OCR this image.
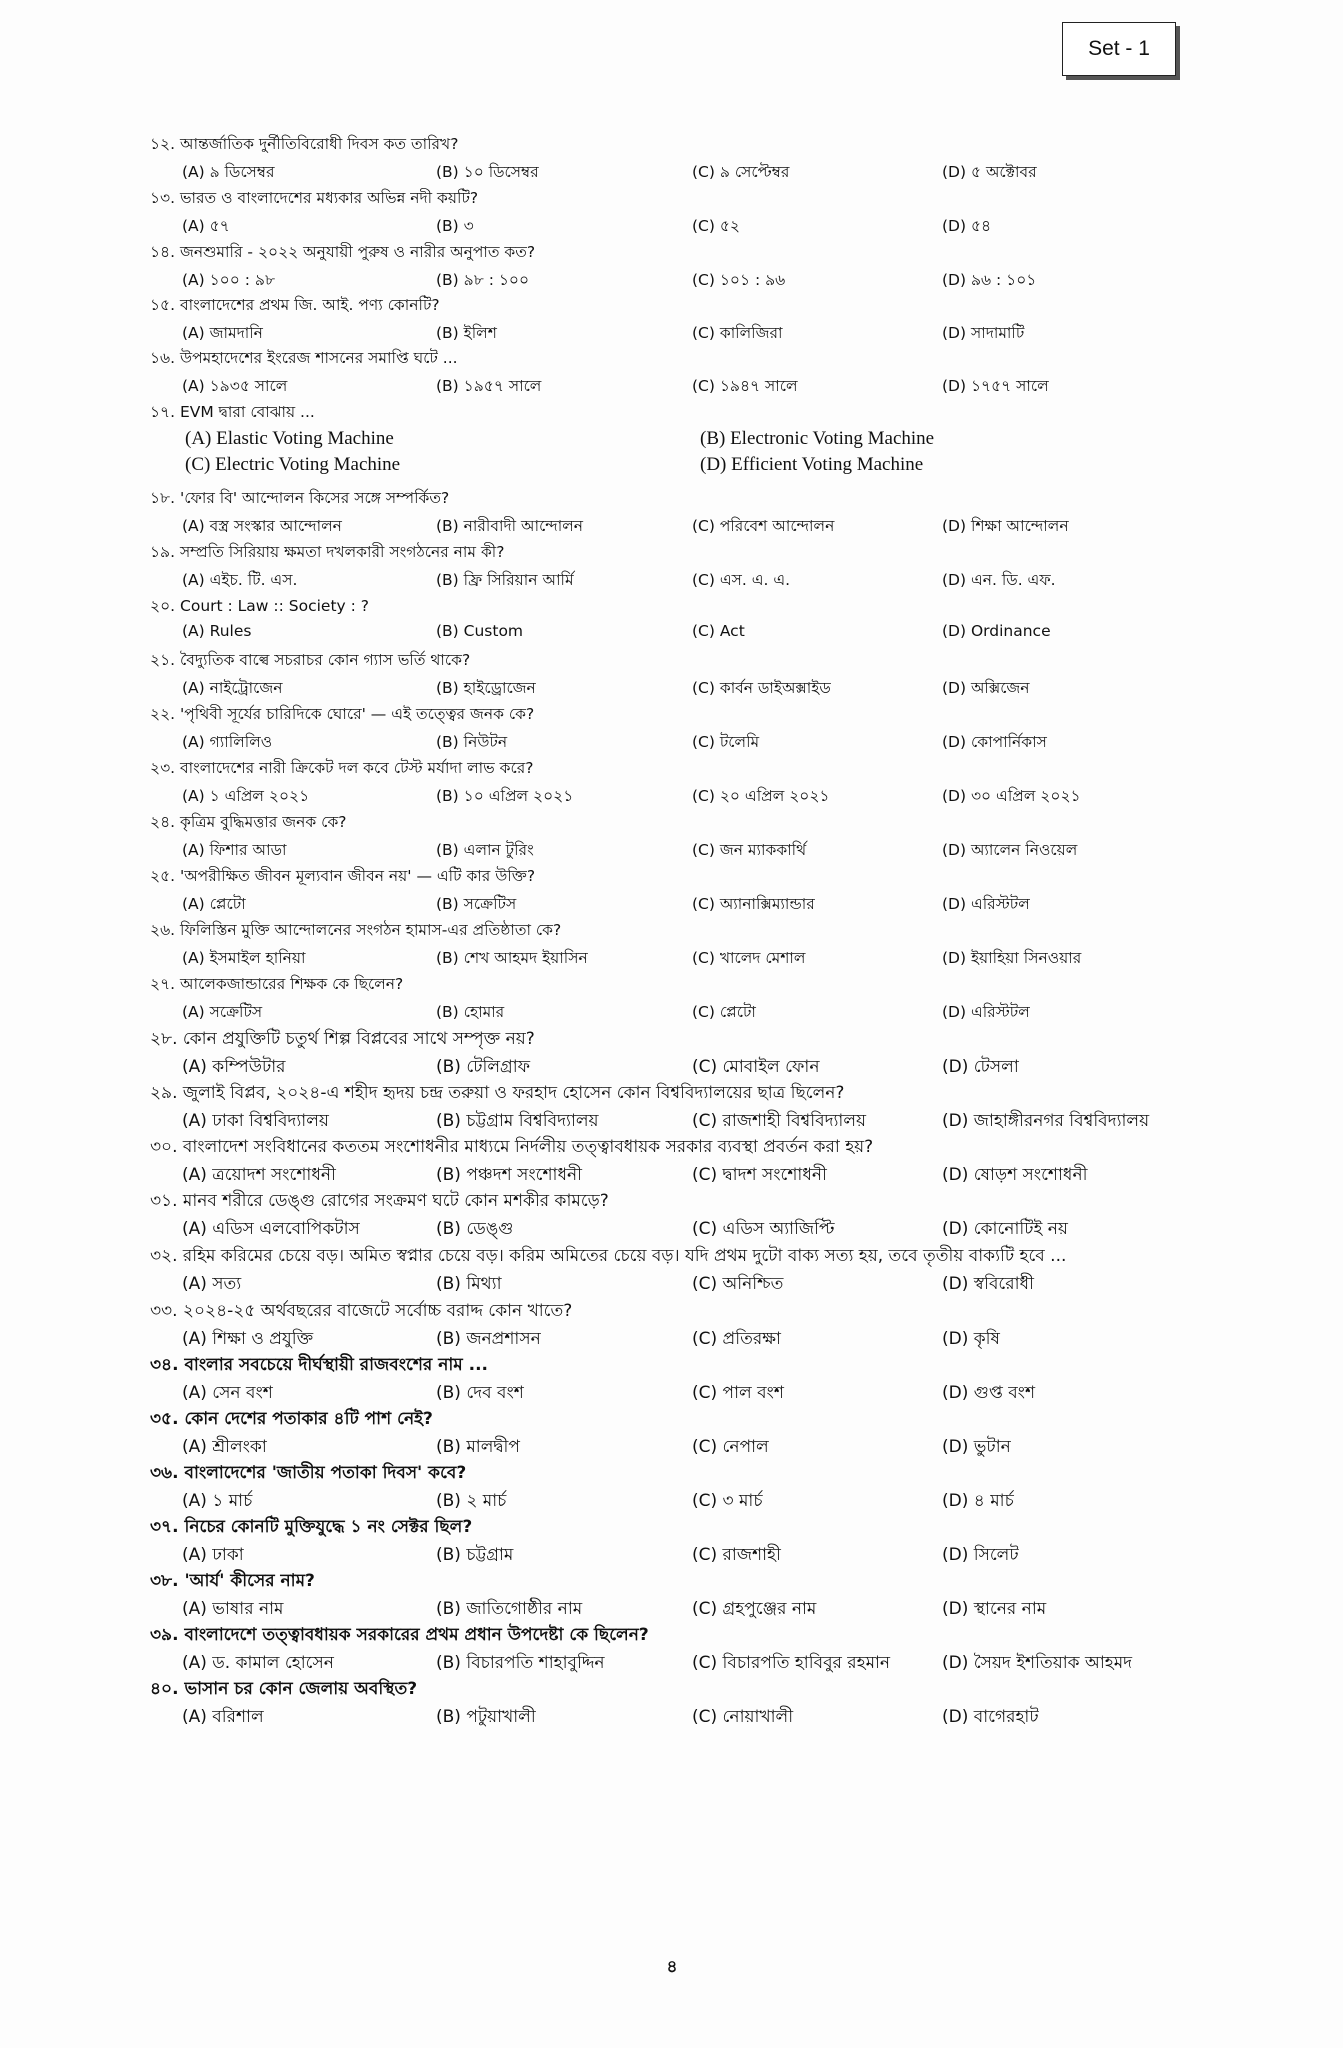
Set - 1
১২. আন্তর্জাতিক দুর্নীতিবিরোধী দিবস কত তারিখ?
(A) ৯ ডিসেম্বর	(B) ১০ ডিসেম্বর	(C) ৯ সেপ্টেম্বর	(D) ৫ অক্টোবর
১৩. ভারত ও বাংলাদেশের মধ্যকার অভিন্ন নদী কয়টি?
(A) ৫৭	(B) ৩	(C) ৫২	(D) ৫৪
১৪. জনশুমারি - ২০২২ অনুযায়ী পুরুষ ও নারীর অনুপাত কত?
(A) ১০০ : ৯৮	(B) ৯৮ : ১০০	(C) ১০১ : ৯৬	(D) ৯৬ : ১০১
১৫. বাংলাদেশের প্রথম জি. আই. পণ্য কোনটি?
(A) জামদানি	(B) ইলিশ	(C) কালিজিরা	(D) সাদামাটি
১৬. উপমহাদেশের ইংরেজ শাসনের সমাপ্তি ঘটে ...
(A) ১৯৩৫ সালে	(B) ১৯৫৭ সালে	(C) ১৯৪৭ সালে	(D) ১৭৫৭ সালে
১৭. EVM দ্বারা বোঝায় ...
(A) Elastic Voting Machine	(B) Electronic Voting Machine
(C) Electric Voting Machine	(D) Efficient Voting Machine
১৮. 'ফোর বি' আন্দোলন কিসের সঙ্গে সম্পর্কিত?
(A) বস্ত্র সংস্কার আন্দোলন	(B) নারীবাদী আন্দোলন	(C) পরিবেশ আন্দোলন	(D) শিক্ষা আন্দোলন
১৯. সম্প্রতি সিরিয়ায় ক্ষমতা দখলকারী সংগঠনের নাম কী?
(A) এইচ. টি. এস.	(B) ফ্রি সিরিয়ান আর্মি	(C) এস. এ. এ.	(D) এন. ডি. এফ.
২০. Court : Law :: Society : ?
(A) Rules	(B) Custom	(C) Act	(D) Ordinance
২১. বৈদ্যুতিক বাল্বে সচরাচর কোন গ্যাস ভর্তি থাকে?
(A) নাইট্রোজেন	(B) হাইড্রোজেন	(C) কার্বন ডাইঅক্সাইড	(D) অক্সিজেন
২২. 'পৃথিবী সূর্যের চারিদিকে ঘোরে' — এই তত্ত্বের জনক কে?
(A) গ্যালিলিও	(B) নিউটন	(C) টলেমি	(D) কোপার্নিকাস
২৩. বাংলাদেশের নারী ক্রিকেট দল কবে টেস্ট মর্যাদা লাভ করে?
(A) ১ এপ্রিল ২০২১	(B) ১০ এপ্রিল ২০২১	(C) ২০ এপ্রিল ২০২১	(D) ৩০ এপ্রিল ২০২১
২৪. কৃত্রিম বুদ্ধিমত্তার জনক কে?
(A) ফিশার আডা	(B) এলান টুরিং	(C) জন ম্যাককার্থি	(D) অ্যালেন নিওয়েল
২৫. 'অপরীক্ষিত জীবন মূল্যবান জীবন নয়' — এটি কার উক্তি?
(A) প্লেটো	(B) সক্রেটিস	(C) অ্যানাক্সিম্যান্ডার	(D) এরিস্টটল
২৬. ফিলিস্তিন মুক্তি আন্দোলনের সংগঠন হামাস-এর প্রতিষ্ঠাতা কে?
(A) ইসমাইল হানিয়া	(B) শেখ আহমদ ইয়াসিন	(C) খালেদ মেশাল	(D) ইয়াহিয়া সিনওয়ার
২৭. আলেকজান্ডারের শিক্ষক কে ছিলেন?
(A) সক্রেটিস	(B) হোমার	(C) প্লেটো	(D) এরিস্টটল
২৮. কোন প্রযুক্তিটি চতুর্থ শিল্প বিপ্লবের সাথে সম্পৃক্ত নয়?
(A) কম্পিউটার	(B) টেলিগ্রাফ	(C) মোবাইল ফোন	(D) টেসলা
২৯. জুলাই বিপ্লব, ২০২৪-এ শহীদ হৃদয় চন্দ্র তরুয়া ও ফরহাদ হোসেন কোন বিশ্ববিদ্যালয়ের ছাত্র ছিলেন?
(A) ঢাকা বিশ্ববিদ্যালয়	(B) চট্টগ্রাম বিশ্ববিদ্যালয়	(C) রাজশাহী বিশ্ববিদ্যালয়	(D) জাহাঙ্গীরনগর বিশ্ববিদ্যালয়
৩০. বাংলাদেশ সংবিধানের কততম সংশোধনীর মাধ্যমে নির্দলীয় তত্ত্বাবধায়ক সরকার ব্যবস্থা প্রবর্তন করা হয়?
(A) ত্রয়োদশ সংশোধনী	(B) পঞ্চদশ সংশোধনী	(C) দ্বাদশ সংশোধনী	(D) ষোড়শ সংশোধনী
৩১. মানব শরীরে ডেঙ্গু রোগের সংক্রমণ ঘটে কোন মশকীর কামড়ে?
(A) এডিস এলবোপিকটাস	(B) ডেঙ্গু	(C) এডিস অ্যাজিপ্টি	(D) কোনোটিই নয়
৩২. রহিম করিমের চেয়ে বড়। অমিত স্বপ্নার চেয়ে বড়। করিম অমিতের চেয়ে বড়। যদি প্রথম দুটো বাক্য সত্য হয়, তবে তৃতীয় বাক্যটি হবে ...
(A) সত্য	(B) মিথ্যা	(C) অনিশ্চিত	(D) স্ববিরোধী
৩৩. ২০২৪-২৫ অর্থবছরের বাজেটে সর্বোচ্চ বরাদ্দ কোন খাতে?
(A) শিক্ষা ও প্রযুক্তি	(B) জনপ্রশাসন	(C) প্রতিরক্ষা	(D) কৃষি
৩৪. বাংলার সবচেয়ে দীর্ঘস্থায়ী রাজবংশের নাম ...
(A) সেন বংশ	(B) দেব বংশ	(C) পাল বংশ	(D) গুপ্ত বংশ
৩৫. কোন দেশের পতাকার ৪টি পাশ নেই?
(A) শ্রীলংকা	(B) মালদ্বীপ	(C) নেপাল	(D) ভুটান
৩৬. বাংলাদেশের 'জাতীয় পতাকা দিবস' কবে?
(A) ১ মার্চ	(B) ২ মার্চ	(C) ৩ মার্চ	(D) ৪ মার্চ
৩৭. নিচের কোনটি মুক্তিযুদ্ধে ১ নং সেক্টর ছিল?
(A) ঢাকা	(B) চট্টগ্রাম	(C) রাজশাহী	(D) সিলেট
৩৮. 'আর্য' কীসের নাম?
(A) ভাষার নাম	(B) জাতিগোষ্ঠীর নাম	(C) গ্রহপুঞ্জের নাম	(D) স্থানের নাম
৩৯. বাংলাদেশে তত্ত্বাবধায়ক সরকারের প্রথম প্রধান উপদেষ্টা কে ছিলেন?
(A) ড. কামাল হোসেন	(B) বিচারপতি শাহাবুদ্দিন	(C) বিচারপতি হাবিবুর রহমান	(D) সৈয়দ ইশতিয়াক আহমদ
৪০. ভাসান চর কোন জেলায় অবস্থিত?
(A) বরিশাল	(B) পটুয়াখালী	(C) নোয়াখালী	(D) বাগেরহাট
৪
